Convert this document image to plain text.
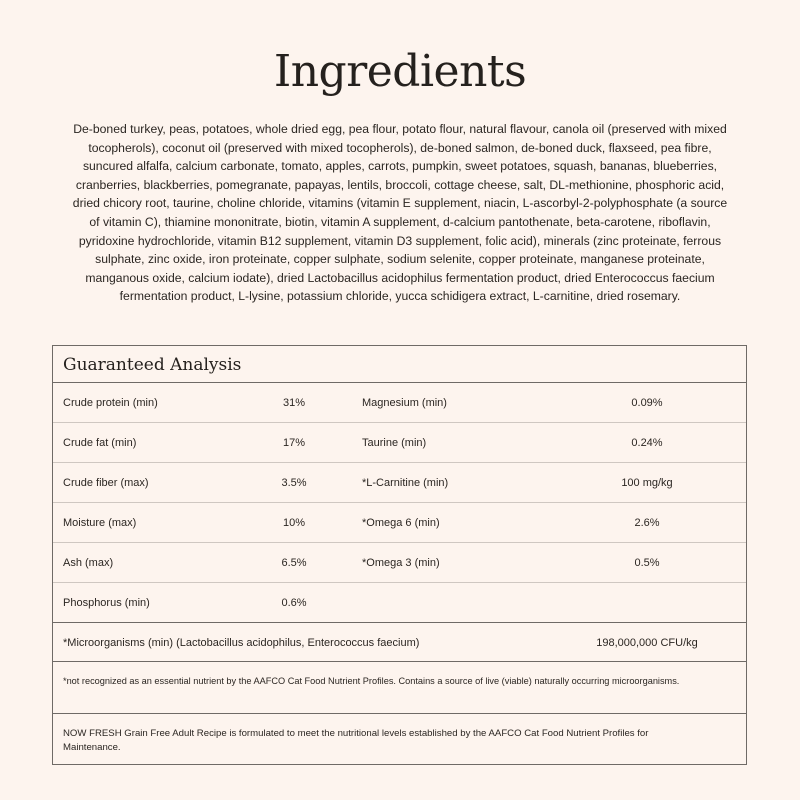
Ingredients

De-boned turkey, peas, potatoes, whole dried egg, pea flour, potato flour, natural flavour, canola oil (preserved with mixed tocopherols), coconut oil (preserved with mixed tocopherols), de-boned salmon, de-boned duck, flaxseed, pea fibre, suncured alfalfa, calcium carbonate, tomato, apples, carrots, pumpkin, sweet potatoes, squash, bananas, blueberries, cranberries, blackberries, pomegranate, papayas, lentils, broccoli, cottage cheese, salt, DL-methionine, phosphoric acid, dried chicory root, taurine, choline chloride, vitamins (vitamin E supplement, niacin, L-ascorbyl-2-polyphosphate (a source of vitamin C), thiamine mononitrate, biotin, vitamin A supplement, d-calcium pantothenate, beta-carotene, riboflavin, pyridoxine hydrochloride, vitamin B12 supplement, vitamin D3 supplement, folic acid), minerals (zinc proteinate, ferrous sulphate, zinc oxide, iron proteinate, copper sulphate, sodium selenite, copper proteinate, manganese proteinate, manganous oxide, calcium iodate), dried Lactobacillus acidophilus fermentation product, dried Enterococcus faecium fermentation product, L-lysine, potassium chloride, yucca schidigera extract, L-carnitine, dried rosemary.

Guaranteed Analysis
Crude protein (min)	31%	Magnesium (min)	0.09%
Crude fat (min)	17%	Taurine (min)	0.24%
Crude fiber (max)	3.5%	*L-Carnitine (min)	100 mg/kg
Moisture (max)	10%	*Omega 6 (min)	2.6%
Ash (max)	6.5%	*Omega 3 (min)	0.5%
Phosphorus (min)	0.6%
*Microorganisms (min) (Lactobacillus acidophilus, Enterococcus faecium)	198,000,000 CFU/kg
*not recognized as an essential nutrient by the AAFCO Cat Food Nutrient Profiles. Contains a source of live (viable) naturally occurring microorganisms.
NOW FRESH Grain Free Adult Recipe is formulated to meet the nutritional levels established by the AAFCO Cat Food Nutrient Profiles for Maintenance.
